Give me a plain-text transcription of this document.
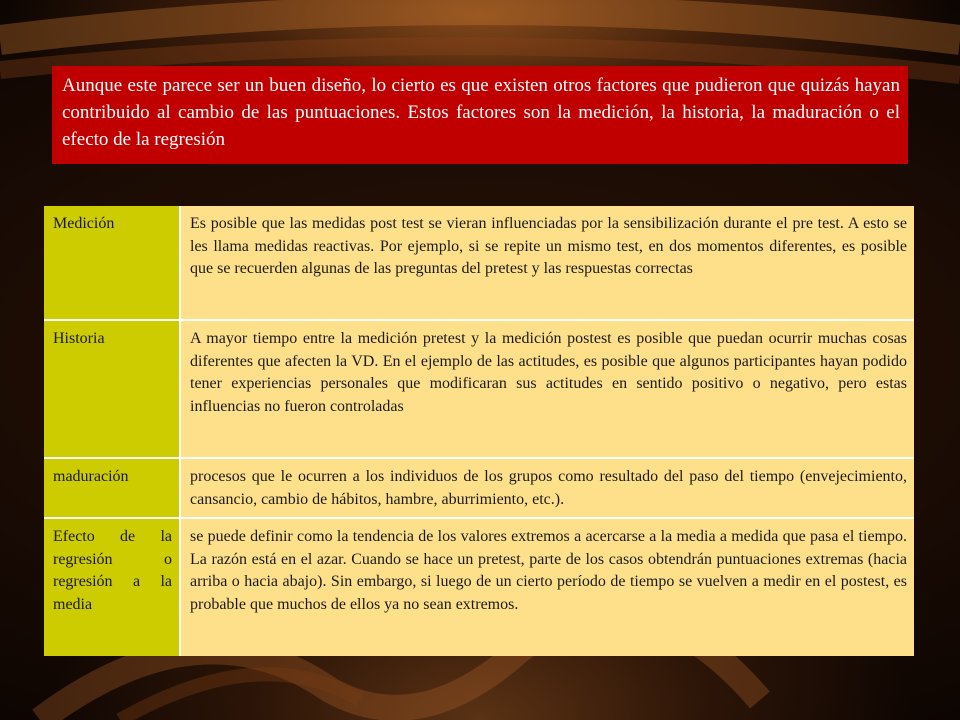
Aunque este parece ser un buen diseño, lo cierto es que existen otros factores que pudieron que quizás hayan contribuido al cambio de las puntuaciones. Estos factores son la medición, la historia, la maduración o el efecto de la regresión
Medición	Es posible que las medidas post test se vieran influenciadas por la sensibilización durante el pre test. A esto se les llama medidas reactivas. Por ejemplo, si se repite un mismo test, en dos momentos diferentes, es posible que se recuerden algunas de las preguntas del pretest y las respuestas correctas
Historia	A mayor tiempo entre la medición pretest y la medición postest es posible que puedan ocurrir muchas cosas diferentes que afecten la VD. En el ejemplo de las actitudes, es posible que algunos participantes hayan podido tener experiencias personales que modificaran sus actitudes en sentido positivo o negativo, pero estas influencias no fueron controladas
maduración	procesos que le ocurren a los individuos de los grupos como resultado del paso del tiempo (envejecimiento, cansancio, cambio de hábitos, hambre, aburrimiento, etc.).
Efecto de la regresión o regresión a la media	se puede definir como la tendencia de los valores extremos a acercarse a la media a medida que pasa el tiempo. La razón está en el azar. Cuando se hace un pretest, parte de los casos obtendrán puntuaciones extremas (hacia arriba o hacia abajo). Sin embargo, si luego de un cierto período de tiempo se vuelven a medir en el postest, es probable que muchos de ellos ya no sean extremos.
